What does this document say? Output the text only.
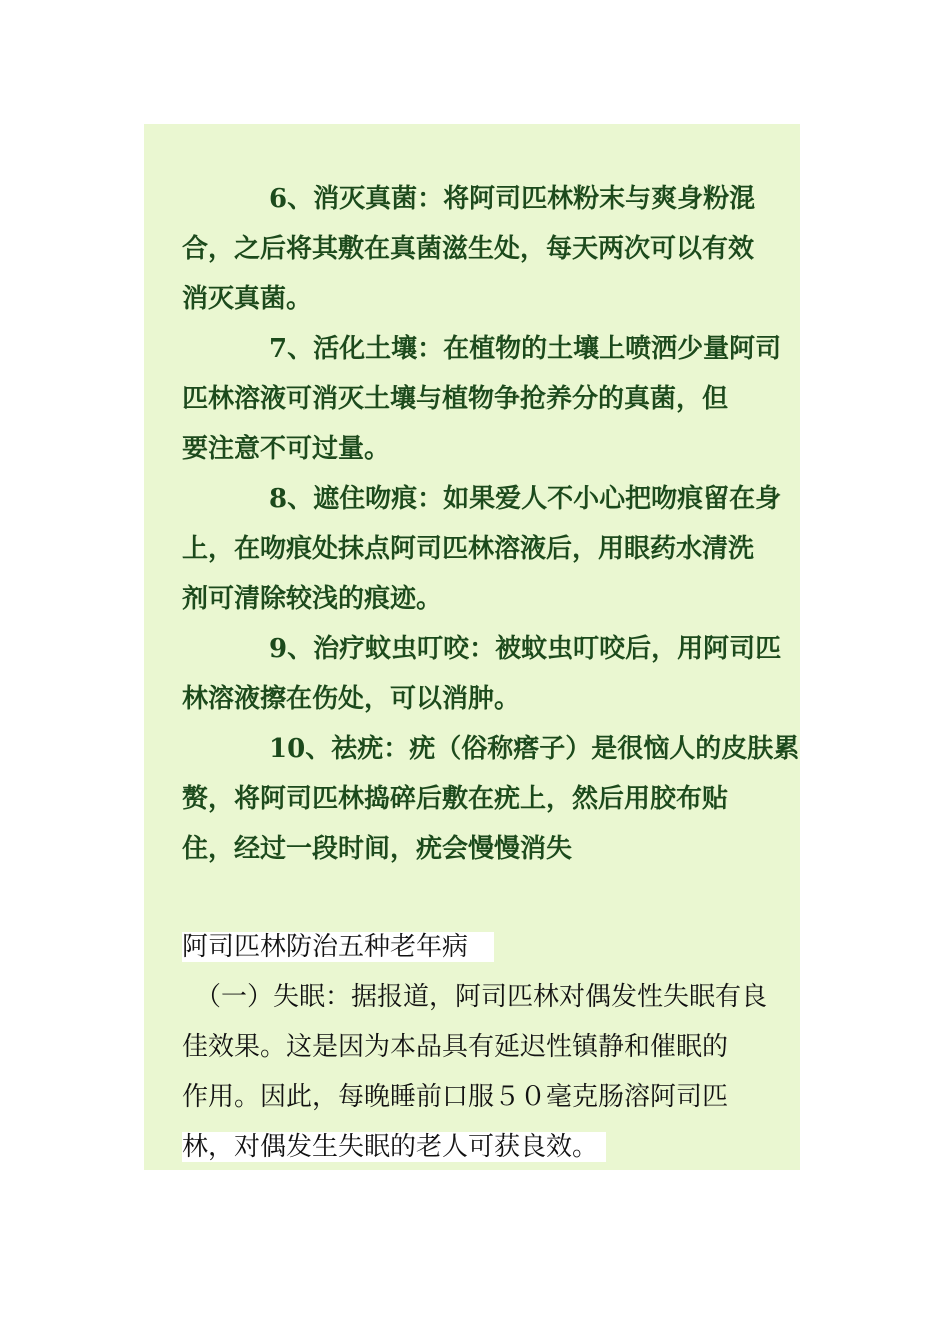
　　　 6、消灭真菌：将阿司匹林粉末与爽身粉混
合，之后将其敷在真菌滋生处，每天两次可以有效
消灭真菌。
　　　 7、活化土壤：在植物的土壤上喷洒少量阿司
匹林溶液可消灭土壤与植物争抢养分的真菌，但
要注意不可过量。
　　　 8、遮住吻痕：如果爱人不小心把吻痕留在身
上，在吻痕处抹点阿司匹林溶液后，用眼药水清洗
剂可清除较浅的痕迹。
　　　 9、治疗蚊虫叮咬：被蚊虫叮咬后，用阿司匹
林溶液擦在伤处，可以消肿。
　　　 10、祛疣：疣（俗称瘩子）是很恼人的皮肤累
赘，将阿司匹林捣碎后敷在疣上，然后用胶布贴
住，经过一段时间，疣会慢慢消失
阿司匹林防治五种老年病
　（一）失眠：据报道，阿司匹林对偶发性失眠有良
佳效果。这是因为本品具有延迟性镇静和催眠的
作用。因此，每晚睡前口服５０毫克肠溶阿司匹
林，对偶发生失眠的老人可获良效。
